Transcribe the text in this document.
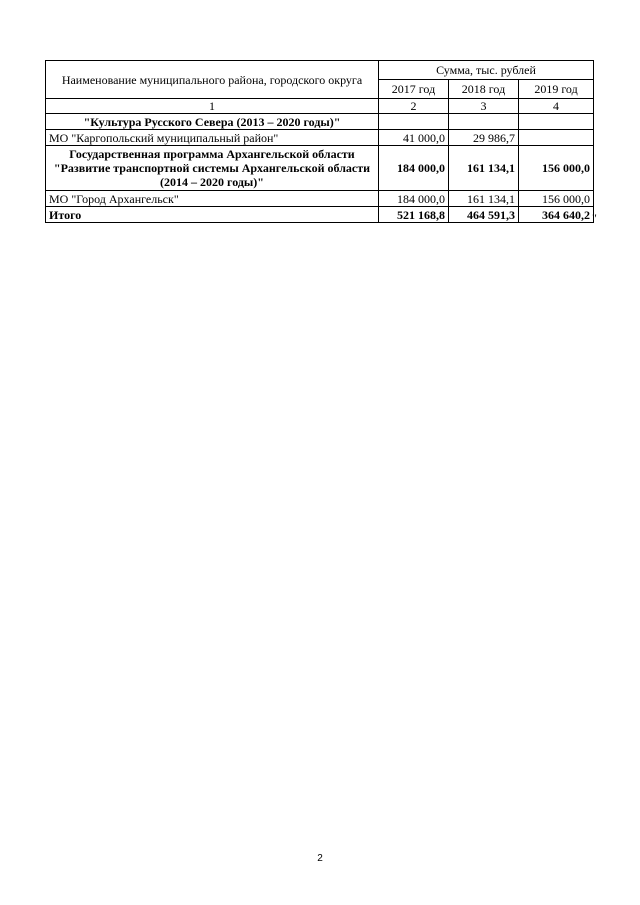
Наименование муниципального района, городского округа	Сумма, тыс. рублей		
	2017 год	2018 год	2019 год
1	2	3	4
"Культура Русского Севера (2013 – 2020 годы)"			
МО "Каргопольский муниципальный район"	41 000,0	29 986,7	
Государственная программа Архангельской области "Развитие транспортной системы Архангельской области (2014 – 2020 годы)"	184 000,0	161 134,1	156 000,0
МО "Город Архангельск"	184 000,0	161 134,1	156 000,0
Итого	521 168,8	464 591,3	364 640,2 "
2
